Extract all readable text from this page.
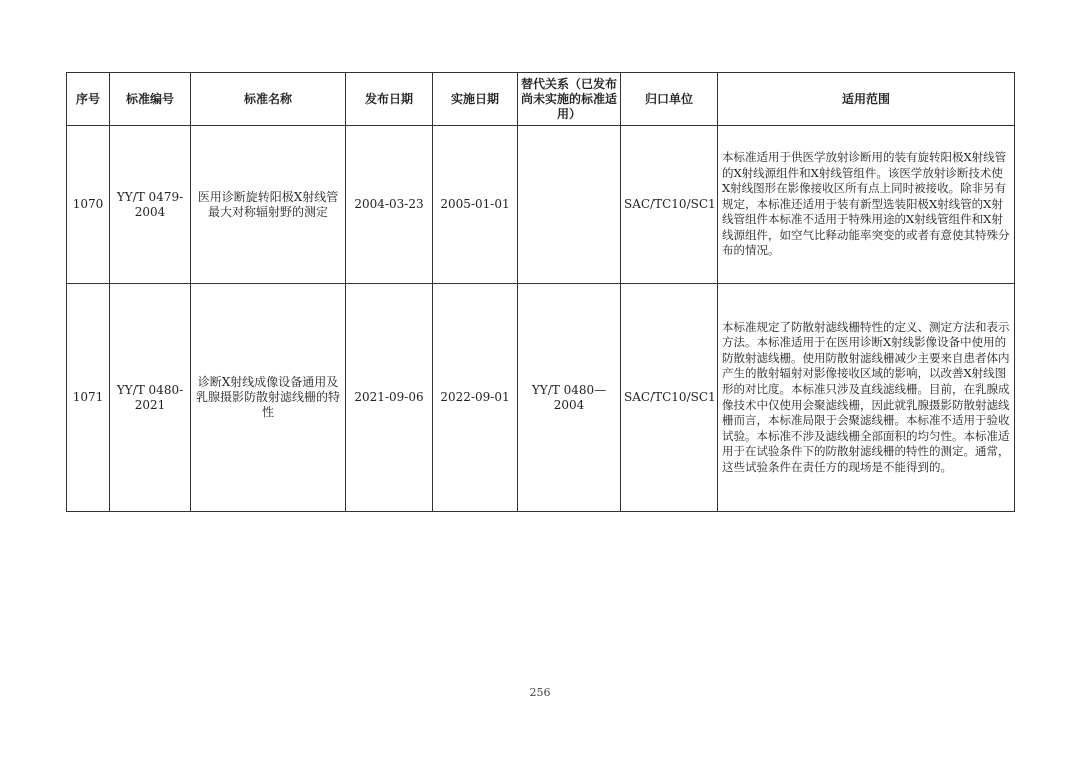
序号	标准编号	标准名称	发布日期	实施日期	替代关系（已发布尚未实施的标准适用）	归口单位	适用范围
1070	YY/T 0479-2004	医用诊断旋转阳极X射线管最大对称辐射野的测定	2004-03-23	2005-01-01		SAC/TC10/SC1	本标准适用于供医学放射诊断用的装有旋转阳极X射线管的X射线源组件和X射线管组件。该医学放射诊断技术使X射线图形在影像接收区所有点上同时被接收。除非另有规定，本标准还适用于装有新型选装阳极X射线管的X射线管组件本标准不适用于特殊用途的X射线管组件和X射线源组件，如空气比释动能率突变的或者有意使其特殊分布的情况。
1071	YY/T 0480-2021	诊断X射线成像设备通用及乳腺摄影防散射滤线栅的特性	2021-09-06	2022-09-01	YY/T 0480—2004	SAC/TC10/SC1	本标准规定了防散射滤线栅特性的定义、测定方法和表示方法。本标准适用于在医用诊断X射线影像设备中使用的防散射滤线栅。使用防散射滤线栅减少主要来自患者体内产生的散射辐射对影像接收区域的影响，以改善X射线图形的对比度。本标准只涉及直线滤线栅。目前，在乳腺成像技术中仅使用会聚滤线栅，因此就乳腺摄影防散射滤线栅而言，本标准局限于会聚滤线栅。本标准不适用于验收试验。本标准不涉及滤线栅全部面积的均匀性。本标准适用于在试验条件下的防散射滤线栅的特性的测定。通常，这些试验条件在责任方的现场是不能得到的。
256
